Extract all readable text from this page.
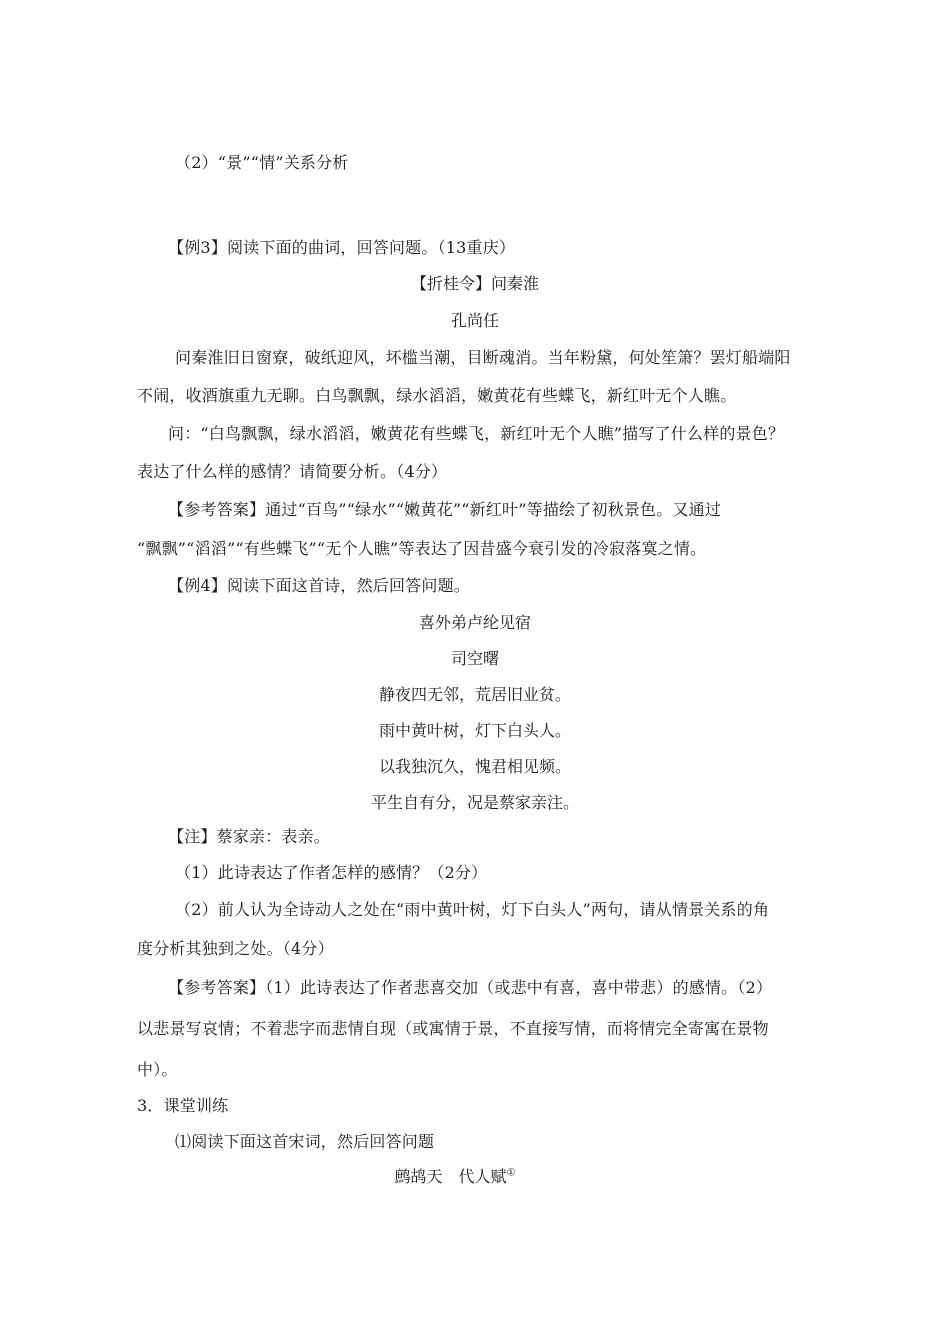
（2）“景”“情”关系分析
【例3】阅读下面的曲词，回答问题。（13重庆）
【折桂令】问秦淮
孔尚任
问秦淮旧日窗寮，破纸迎风，坏槛当潮，目断魂消。当年粉黛，何处笙箫？罢灯船端阳
不闹，收酒旗重九无聊。白鸟飘飘，绿水滔滔，嫩黄花有些蝶飞，新红叶无个人瞧。
问：“白鸟飘飘，绿水滔滔，嫩黄花有些蝶飞，新红叶无个人瞧”描写了什么样的景色？
表达了什么样的感情？请简要分析。（4分）
【参考答案】通过“百鸟”“绿水”“嫩黄花”“新红叶”等描绘了初秋景色。又通过
“飘飘”“滔滔”“有些蝶飞”“无个人瞧”等表达了因昔盛今衰引发的冷寂落寞之情。
【例4】阅读下面这首诗，然后回答问题。
喜外弟卢纶见宿
司空曙
静夜四无邻，荒居旧业贫。
雨中黄叶树，灯下白头人。
以我独沉久，愧君相见频。
平生自有分，况是蔡家亲注。
【注】蔡家亲：表亲。
（1）此诗表达了作者怎样的感情？（2分）
（2）前人认为全诗动人之处在“雨中黄叶树，灯下白头人”两句，请从情景关系的角
度分析其独到之处。（4分）
【参考答案】（1）此诗表达了作者悲喜交加（或悲中有喜，喜中带悲）的感情。（2）
以悲景写哀情；不着悲字而悲情自现（或寓情于景，不直接写情，而将情完全寄寓在景物
中）。
3．课堂训练
⑴阅读下面这首宋词，然后回答问题
鹧鸪天　代人赋①
